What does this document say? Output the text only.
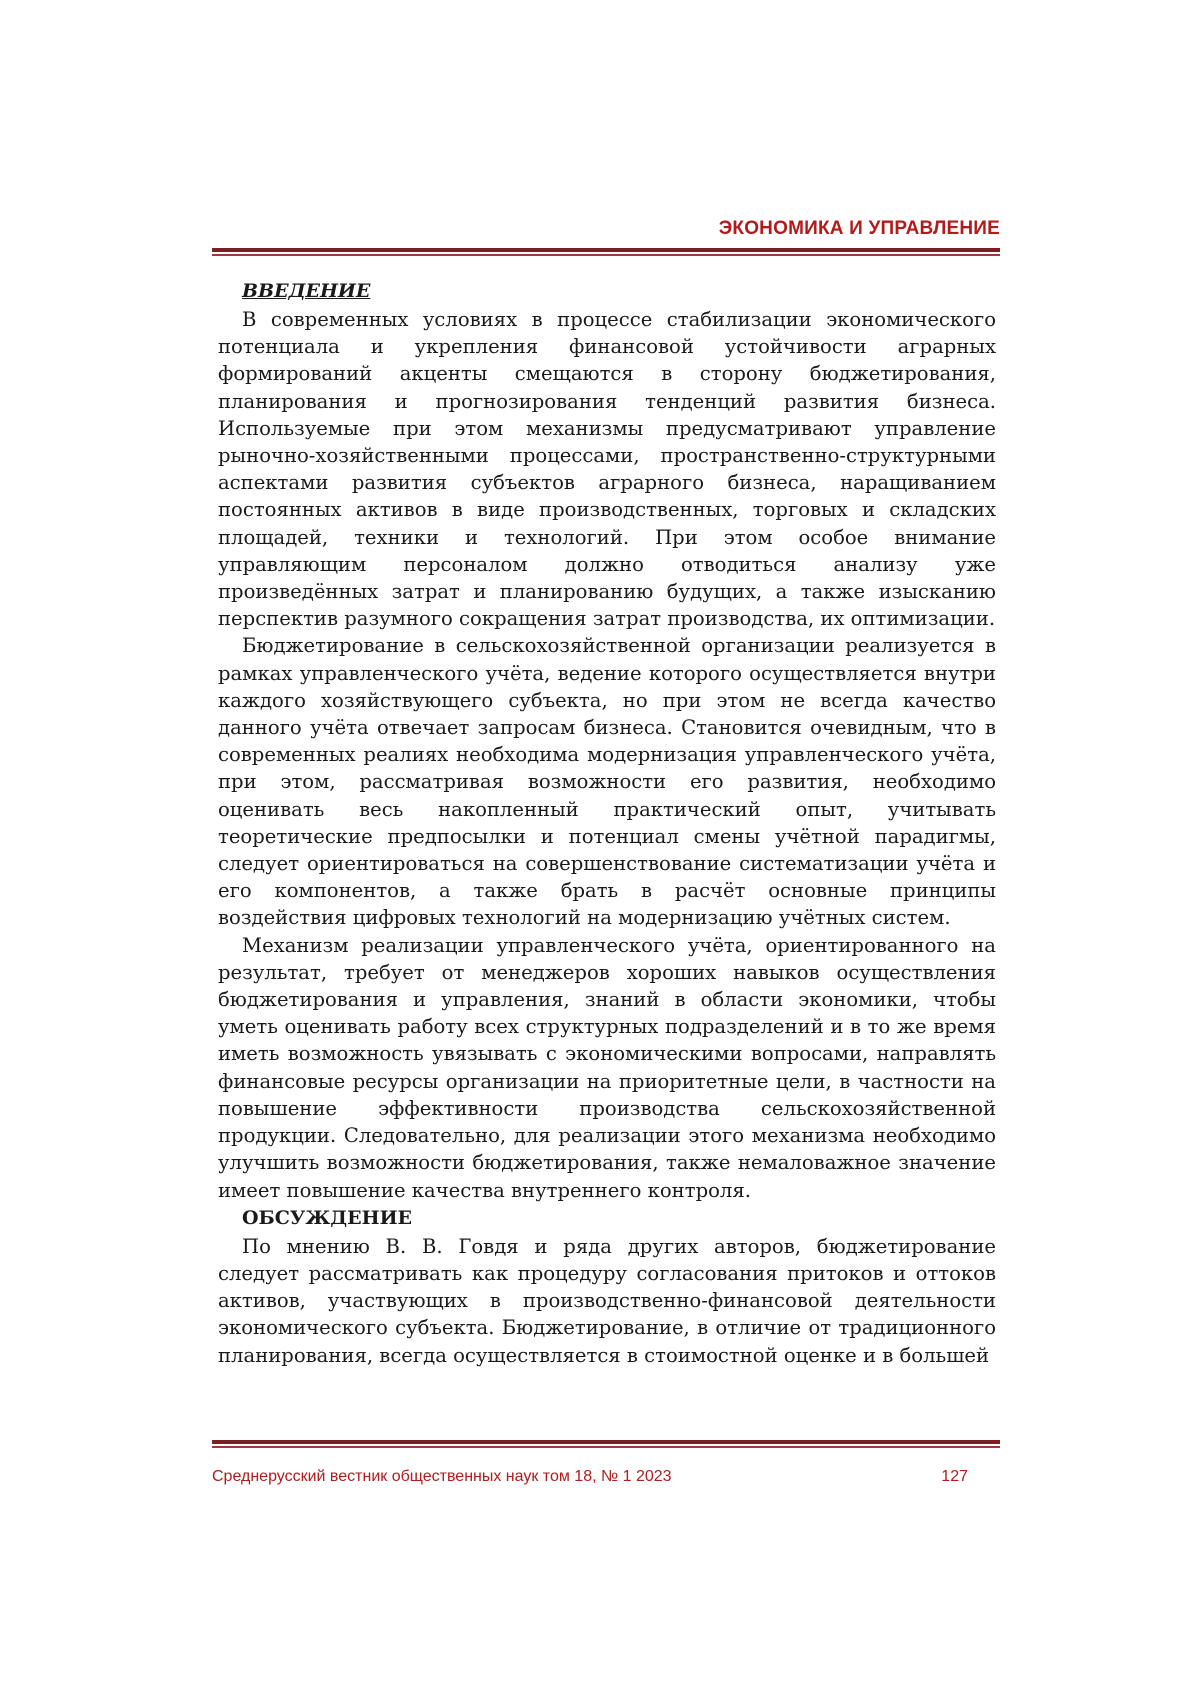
ЭКОНОМИКА И УПРАВЛЕНИЕ

ВВЕДЕНИЕ

В современных условиях в процессе стабилизации экономического потенциала и укрепления финансовой устойчивости аграрных формирований акценты смещаются в сторону бюджетирования, планирования и прогнозирования тенденций развития бизнеса. Используемые при этом механизмы предусматривают управление рыночно-хозяйственными процессами, пространственно-структурными аспектами развития субъектов аграрного бизнеса, наращиванием постоянных активов в виде производственных, торговых и складских площадей, техники и технологий. При этом особое внимание управляющим персоналом должно отводиться анализу уже произведённых затрат и планированию будущих, а также изысканию перспектив разумного сокращения затрат производства, их оптимизации.

Бюджетирование в сельскохозяйственной организации реализуется в рамках управленческого учёта, ведение которого осуществляется внутри каждого хозяйствующего субъекта, но при этом не всегда качество данного учёта отвечает запросам бизнеса. Становится очевидным, что в современных реалиях необходима модернизация управленческого учёта, при этом, рассматривая возможности его развития, необходимо оценивать весь накопленный практический опыт, учитывать теоретические предпосылки и потенциал смены учётной парадигмы, следует ориентироваться на совершенствование систематизации учёта и его компонентов, а также брать в расчёт основные принципы воздействия цифровых технологий на модернизацию учётных систем.

Механизм реализации управленческого учёта, ориентированного на результат, требует от менеджеров хороших навыков осуществления бюджетирования и управления, знаний в области экономики, чтобы уметь оценивать работу всех структурных подразделений и в то же время иметь возможность увязывать с экономическими вопросами, направлять финансовые ресурсы организации на приоритетные цели, в частности на повышение эффективности производства сельскохозяйственной продукции. Следовательно, для реализации этого механизма необходимо улучшить возможности бюджетирования, также немаловажное значение имеет повышение качества внутреннего контроля.

ОБСУЖДЕНИЕ

По мнению В. В. Говдя и ряда других авторов, бюджетирование следует рассматривать как процедуру согласования притоков и оттоков активов, участвующих в производственно-финансовой деятельности экономического субъекта. Бюджетирование, в отличие от традиционного планирования, всегда осуществляется в стоимостной оценке и в большей

Среднерусский вестник общественных наук том 18, № 1 2023	127
